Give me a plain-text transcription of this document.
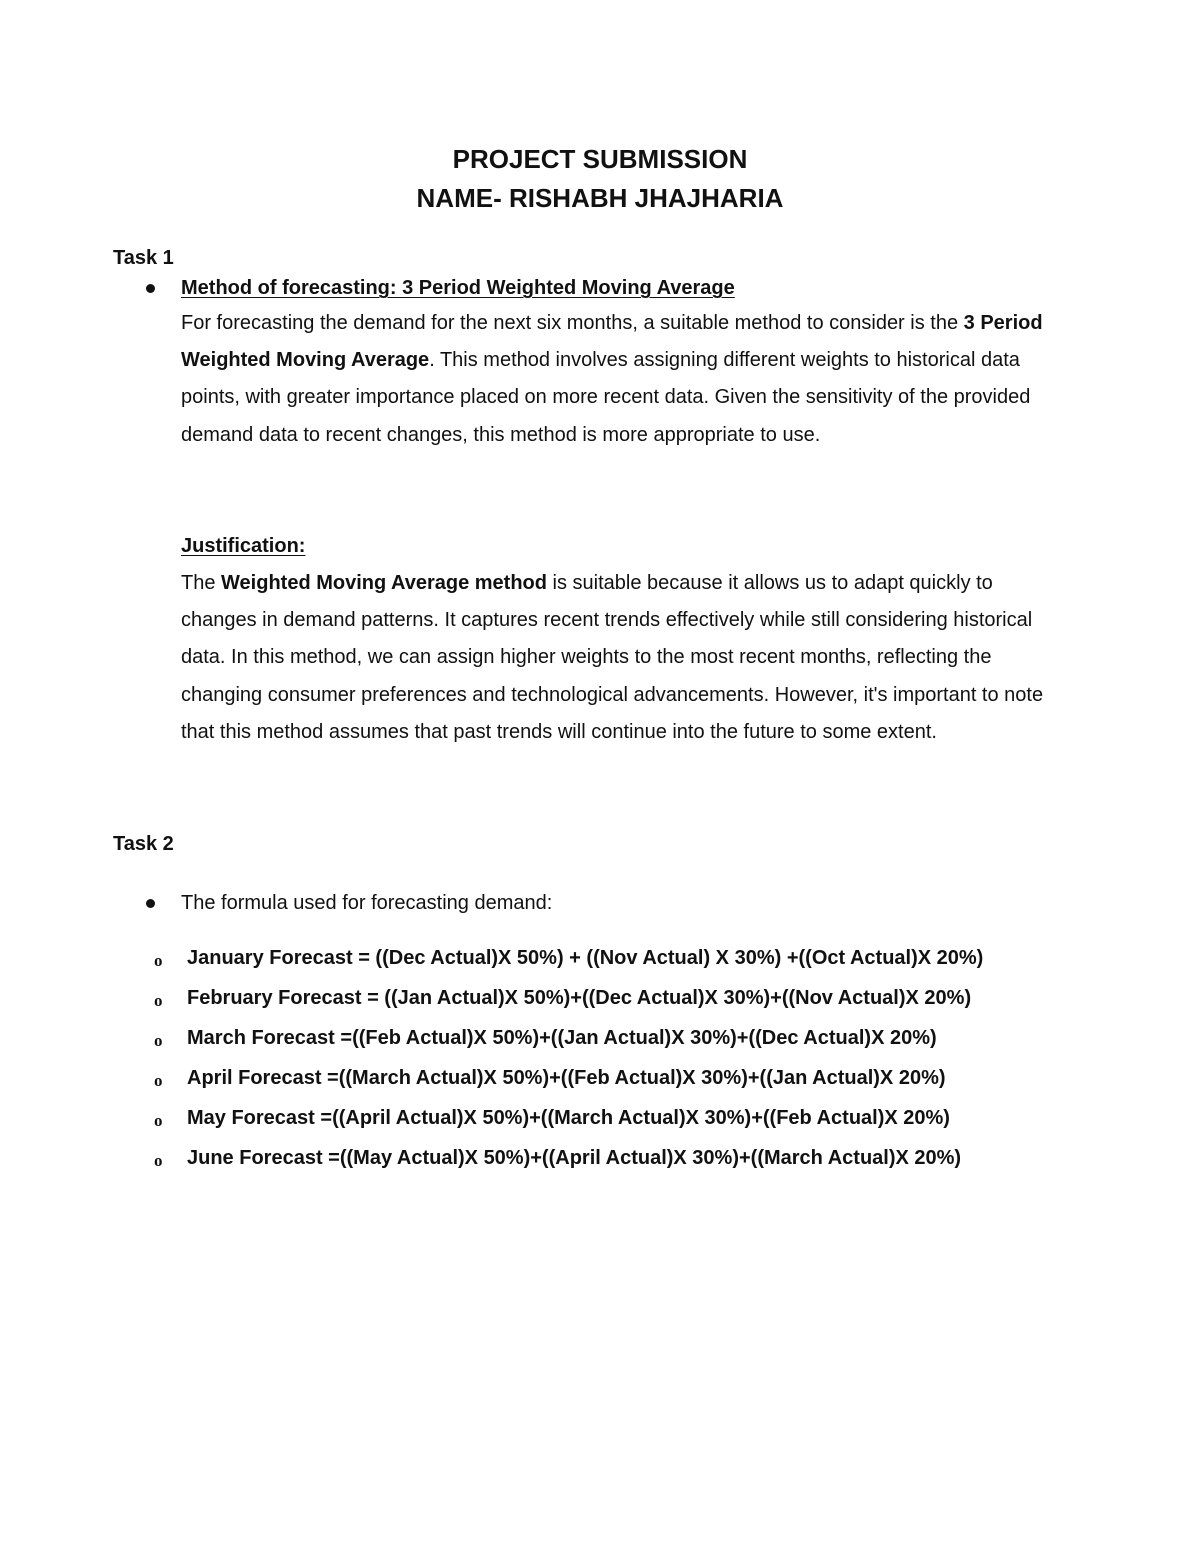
PROJECT SUBMISSION

NAME- RISHABH JHAJHARIA

Task 1

Method of forecasting: 3 Period Weighted Moving Average

For forecasting the demand for the next six months, a suitable method to consider is the 3 Period Weighted Moving Average. This method involves assigning different weights to historical data points, with greater importance placed on more recent data. Given the sensitivity of the provided demand data to recent changes, this method is more appropriate to use.

Justification:

The Weighted Moving Average method is suitable because it allows us to adapt quickly to changes in demand patterns. It captures recent trends effectively while still considering historical data. In this method, we can assign higher weights to the most recent months, reflecting the changing consumer preferences and technological advancements. However, it's important to note that this method assumes that past trends will continue into the future to some extent.

Task 2

The formula used for forecasting demand:
o January Forecast = ((Dec Actual)X 50%) + ((Nov Actual) X 30%) +((Oct Actual)X 20%)
o February Forecast = ((Jan Actual)X 50%)+((Dec Actual)X 30%)+((Nov Actual)X 20%)
o March Forecast =((Feb Actual)X 50%)+((Jan Actual)X 30%)+((Dec Actual)X 20%)
o April Forecast =((March Actual)X 50%)+((Feb Actual)X 30%)+((Jan Actual)X 20%)
o May Forecast =((April Actual)X 50%)+((March Actual)X 30%)+((Feb Actual)X 20%)
o June Forecast =((May Actual)X 50%)+((April Actual)X 30%)+((March Actual)X 20%)
